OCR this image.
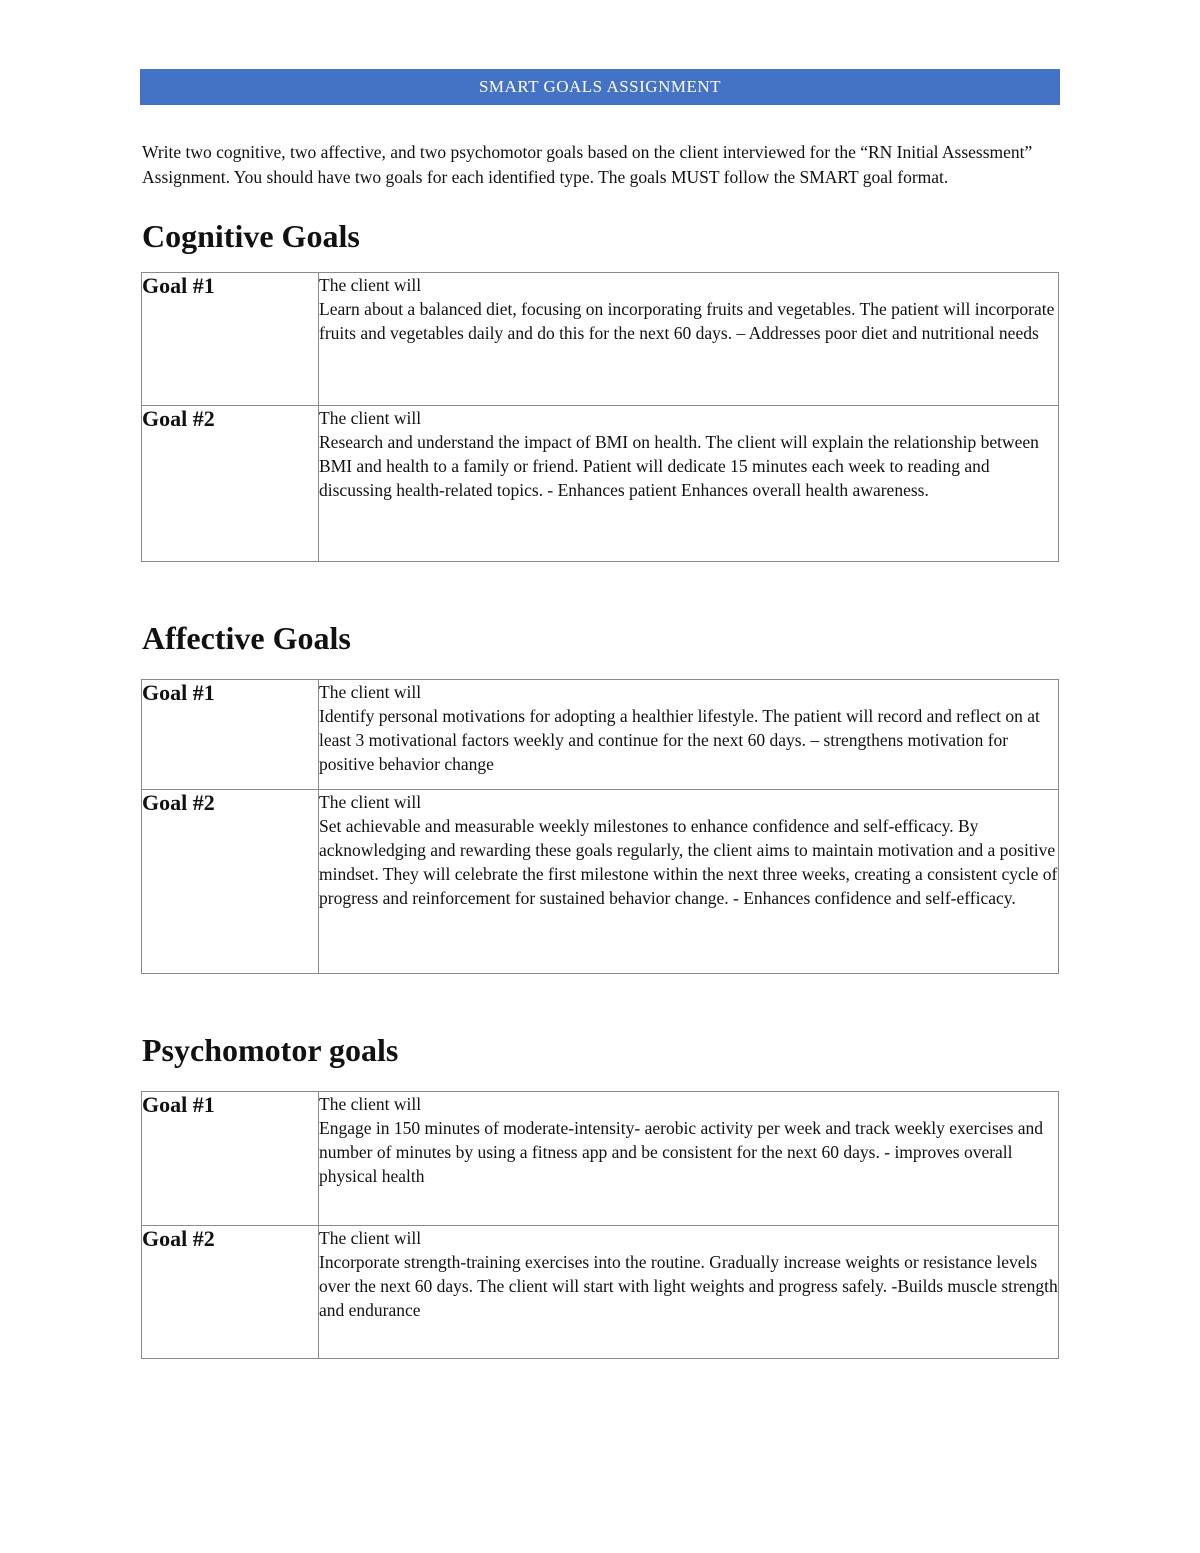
SMART GOALS ASSIGNMENT

Write two cognitive, two affective, and two psychomotor goals based on the client interviewed for the “RN Initial Assessment” Assignment. You should have two goals for each identified type. The goals MUST follow the SMART goal format.

Cognitive Goals
Goal #1	The client will
Learn about a balanced diet, focusing on incorporating fruits and vegetables. The patient will incorporate fruits and vegetables daily and do this for the next 60 days. – Addresses poor diet and nutritional needs

Goal #2	The client will
Research and understand the impact of BMI on health. The client will explain the relationship between BMI and health to a family or friend. Patient will dedicate 15 minutes each week to reading and discussing health-related topics. - Enhances patient Enhances overall health awareness.
Affective Goals
Goal #1	The client will
Identify personal motivations for adopting a healthier lifestyle. The patient will record and reflect on at least 3 motivational factors weekly and continue for the next 60 days. – strengthens motivation for positive behavior change

Goal #2	The client will
Set achievable and measurable weekly milestones to enhance confidence and self-efficacy. By acknowledging and rewarding these goals regularly, the client aims to maintain motivation and a positive mindset. They will celebrate the first milestone within the next three weeks, creating a consistent cycle of progress and reinforcement for sustained behavior change. - Enhances confidence and self-efficacy.
Psychomotor goals
Goal #1	The client will
Engage in 150 minutes of moderate-intensity- aerobic activity per week and track weekly exercises and number of minutes by using a fitness app and be consistent for the next 60 days. - improves overall physical health

Goal #2	The client will
Incorporate strength-training exercises into the routine. Gradually increase weights or resistance levels over the next 60 days. The client will start with light weights and progress safely. -Builds muscle strength and endurance
